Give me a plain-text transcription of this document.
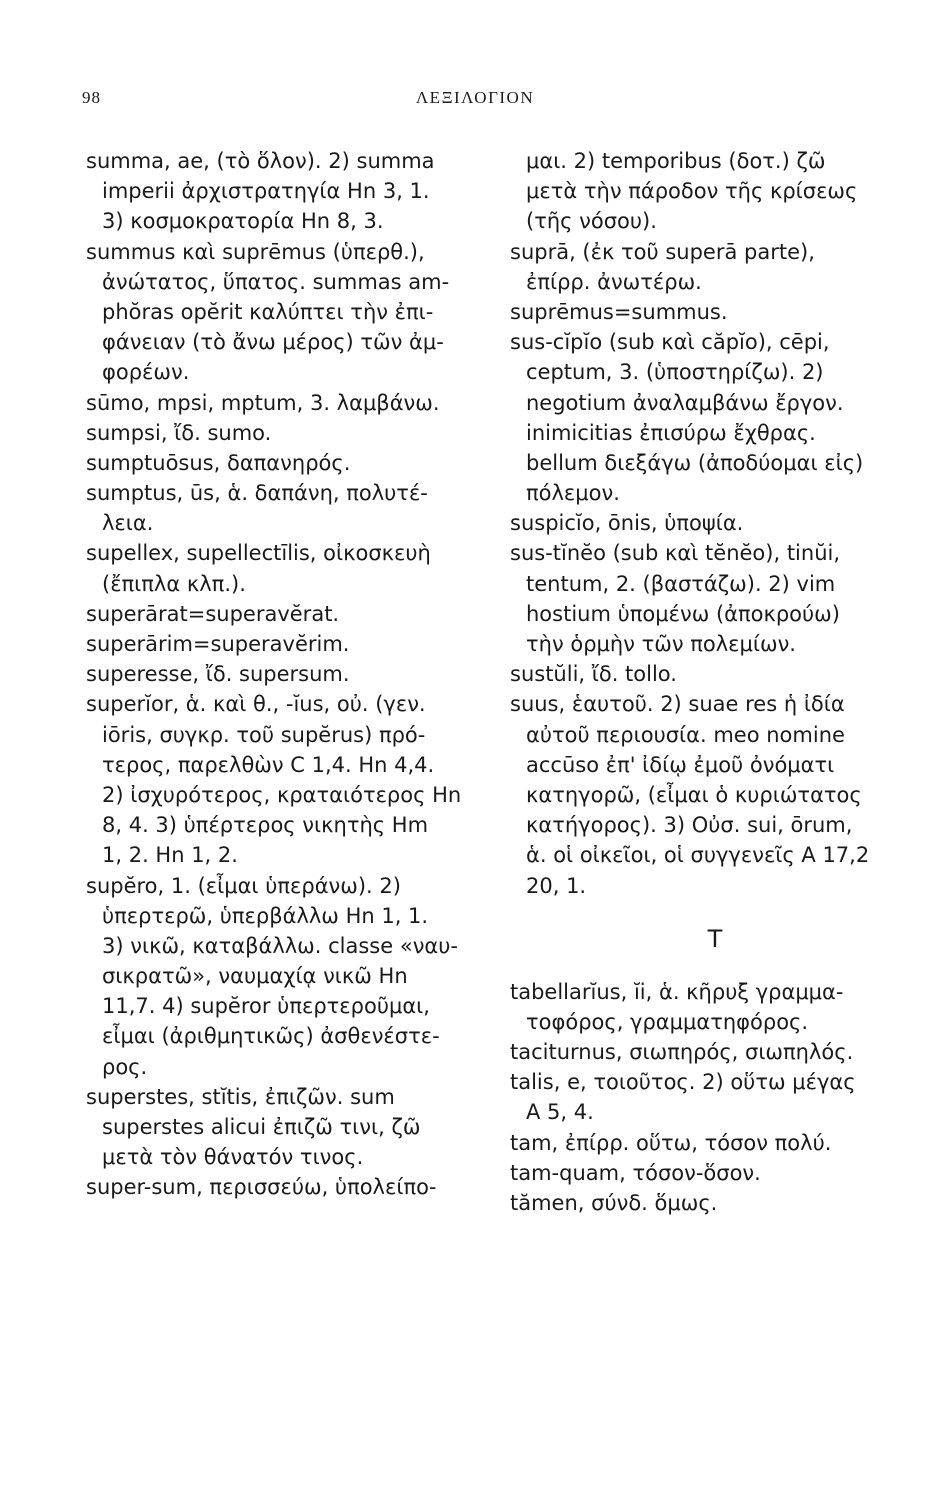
98	ΛΕΞΙΛΟΓΙΟΝ
summa, ae, (τὸ ὅλον). 2) summa
imperii ἀρχιστρατηγία Hn 3, 1.
3) κοσμοκρατορία Hn 8, 3.
summus καὶ suprēmus (ὑπερθ.),
ἀνώτατος, ὕπατος. summas am-
phŏras opĕrit καλύπτει τὴν ἐπι-
φάνειαν (τὸ ἄνω μέρος) τῶν ἀμ-
φορέων.
sūmo, mpsi, mptum, 3. λαμβάνω.
sumpsi, ἴδ. sumo.
sumptuōsus, δαπανηρός.
sumptus, ūs, ἁ. δαπάνη, πολυτέ-
λεια.
supellex, supellectīlis, οἰκοσκευὴ
(ἔπιπλα κλπ.).
superārat=superavĕrat.
superārim=superavĕrim.
superesse, ἴδ. supersum.
superĭor, ἁ. καὶ θ., -ĭus, οὐ. (γεν.
iōris, συγκρ. τοῦ supĕrus) πρό-
τερος, παρελθὼν C 1,4. Hn 4,4.
2) ἰσχυρότερος, κραταιότερος Hn
8, 4. 3) ὑπέρτερος νικητὴς Hm
1, 2. Hn 1, 2.
supĕro, 1. (εἶμαι ὑπεράνω). 2)
ὑπερτερῶ, ὑπερβάλλω Hn 1, 1.
3) νικῶ, καταβάλλω. classe «ναυ-
σικρατῶ», ναυμαχίᾳ νικῶ Hn
11,7. 4) supĕror ὑπερτεροῦμαι,
εἶμαι (ἀριθμητικῶς) ἀσθενέστε-
ρος.
superstes, stĭtis, ἐπιζῶν. sum
superstes alicui ἐπιζῶ τινι, ζῶ
μετὰ τὸν θάνατόν τινος.
super-sum, περισσεύω, ὑπολείπο-
μαι. 2) temporibus (δοτ.) ζῶ
μετὰ τὴν πάροδον τῆς κρίσεως
(τῆς νόσου).
suprā, (ἐκ τοῦ superā parte),
ἐπίρρ. ἀνωτέρω.
suprēmus=summus.
sus-cĭpĭo (sub καὶ căpĭo), cēpi,
ceptum, 3. (ὑποστηρίζω). 2)
negotium ἀναλαμβάνω ἔργον.
inimicitias ἐπισύρω ἔχθρας.
bellum διεξάγω (ἀποδύομαι εἰς)
πόλεμον.
suspicĭo, ōnis, ὑποψία.
sus-tĭnĕo (sub καὶ tĕnĕo), tinŭi,
tentum, 2. (βαστάζω). 2) vim
hostium ὑπομένω (ἀποκρούω)
τὴν ὁρμὴν τῶν πολεμίων.
sustŭli, ἴδ. tollo.
suus, ἑαυτοῦ. 2) suae res ἡ ἰδία
αὐτοῦ περιουσία. meo nomine
accūso ἐπ' ἰδίῳ ἐμοῦ ὀνόματι
κατηγορῶ, (εἶμαι ὁ κυριώτατος
κατήγορος). 3) Οὐσ. sui, ōrum,
ἁ. οἱ οἰκεῖοι, οἱ συγγενεῖς A 17,2
20, 1.
T
tabellarĭus, ĭi, ἁ. κῆρυξ γραμμα-
τοφόρος, γραμματηφόρος.
taciturnus, σιωπηρός, σιωπηλός.
talis, e, τοιοῦτος. 2) οὕτω μέγας
A 5, 4.
tam, ἐπίρρ. οὕτω, τόσον πολύ.
tam-quam, τόσον-ὅσον.
tămen, σύνδ. ὅμως.
